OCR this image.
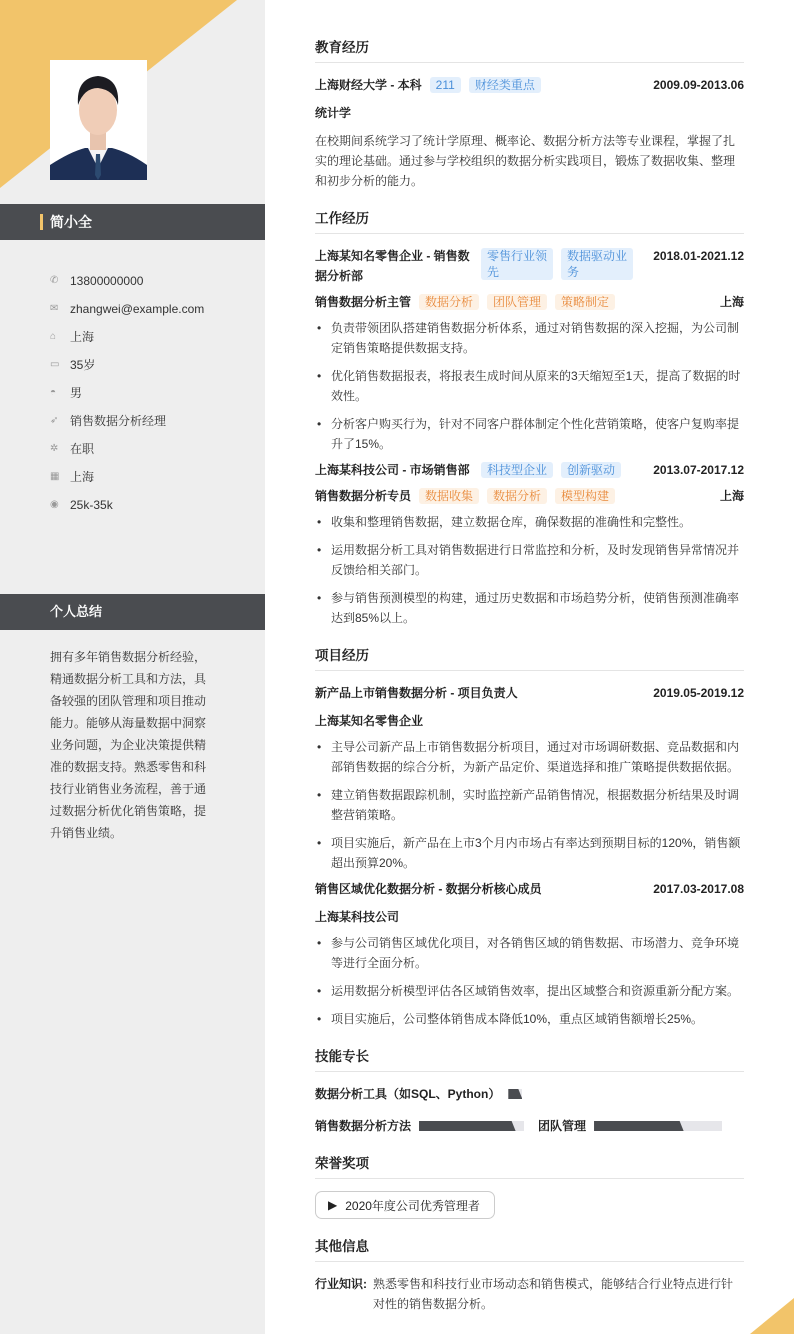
简小全
✆ 13800000000
✉ zhangwei@example.com
⌂	上海
▭ 35岁
◓	男
➶ 销售数据分析经理
✲ 在职
▦ 上海
◉ 25k-35k
个人总结
拥有多年销售数据分析经验，精通数据分析工具和方法，具备较强的团队管理和项目推动能力。能够从海量数据中洞察业务问题，为企业决策提供精准的数据支持。熟悉零售和科技行业销售业务流程，善于通过数据分析优化销售策略，提升销售业绩。
教育经历
上海财经大学 - 本科	211	财经类重点	2009.09-2013.06
统计学

在校期间系统学习了统计学原理、概率论、数据分析方法等专业课程，掌握了扎实的理论基础。通过参与学校组织的数据分析实践项目，锻炼了数据收集、整理和初步分析的能力。

工作经历
上海某知名零售企业 - 销售数据分析部
零售行业领先
数据驱动业务
2018.01-2021.12
销售数据分析主管	数据分析	团队管理	策略制定	上海
• 负责带领团队搭建销售数据分析体系，通过对销售数据的深入挖掘，为公司制定销售策略提供数据支持。
• 优化销售数据报表，将报表生成时间从原来的3天缩短至1天，提高了数据的时效性。
• 分析客户购买行为，针对不同客户群体制定个性化营销策略，使客户复购率提升了15%。
上海某科技公司 - 市场销售部	科技型企业	创新驱动	2013.07-2017.12
销售数据分析专员	数据收集	数据分析	模型构建	上海
• 收集和整理销售数据，建立数据仓库，确保数据的准确性和完整性。
• 运用数据分析工具对销售数据进行日常监控和分析，及时发现销售异常情况并反馈给相关部门。
• 参与销售预测模型的构建，通过历史数据和市场趋势分析，使销售预测准确率达到85%以上。
项目经历
新产品上市销售数据分析 - 项目负责人	2019.05-2019.12
上海某知名零售企业
• 主导公司新产品上市销售数据分析项目，通过对市场调研数据、竞品数据和内部销售数据的综合分析，为新产品定价、渠道选择和推广策略提供数据依据。
• 建立销售数据跟踪机制，实时监控新产品销售情况，根据数据分析结果及时调整营销策略。
• 项目实施后，新产品在上市3个月内市场占有率达到预期目标的120%，销售额超出预算20%。
销售区域优化数据分析 - 数据分析核心成员	2017.03-2017.08
上海某科技公司
• 参与公司销售区域优化项目，对各销售区域的销售数据、市场潜力、竞争环境等进行全面分析。
• 运用数据分析模型评估各区域销售效率，提出区域整合和资源重新分配方案。
• 项目实施后，公司整体销售成本降低10%，重点区域销售额增长25%。
技能专长
数据分析工具（如SQL、Python）
销售数据分析方法	团队管理
荣誉奖项
▶ 2020年度公司优秀管理者
其他信息
行业知识: 熟悉零售和科技行业市场动态和销售模式，能够结合行业特点进行针对性的销售数据分析。
